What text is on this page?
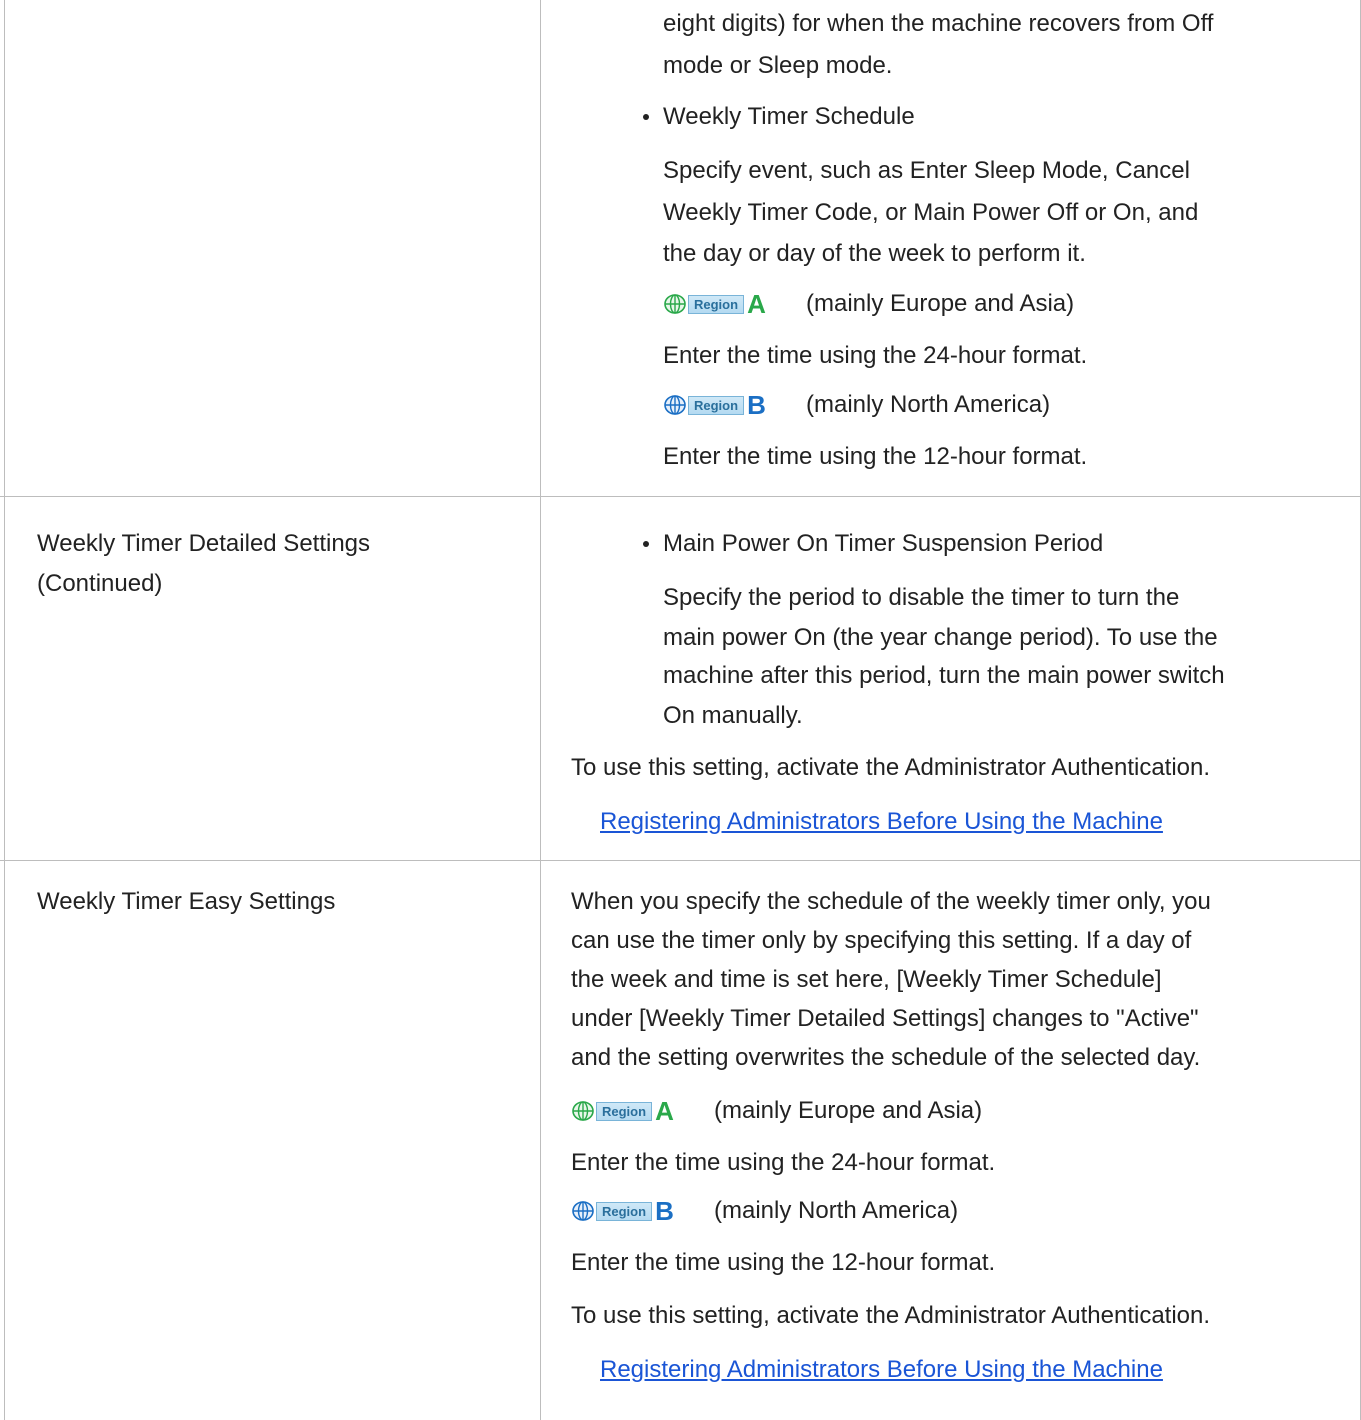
eight digits) for when the machine recovers from Off

mode or Sleep mode.

Weekly Timer Schedule

Specify event, such as Enter Sleep Mode, Cancel

Weekly Timer Code, or Main Power Off or On, and

the day or day of the week to perform it.

Region A (mainly Europe and Asia)

Enter the time using the 24-hour format.

Region B (mainly North America)

Enter the time using the 12-hour format.

Weekly Timer Detailed Settings

(Continued)

Main Power On Timer Suspension Period

Specify the period to disable the timer to turn the

main power On (the year change period). To use the

machine after this period, turn the main power switch

On manually.

To use this setting, activate the Administrator Authentication.

Registering Administrators Before Using the Machine

Weekly Timer Easy Settings	When you specify the schedule of the weekly timer only, you

can use the timer only by specifying this setting. If a day of

the week and time is set here, [Weekly Timer Schedule]

under [Weekly Timer Detailed Settings] changes to "Active"

and the setting overwrites the schedule of the selected day.

Region A (mainly Europe and Asia)

Enter the time using the 24-hour format.

Region B (mainly North America)

Enter the time using the 12-hour format.

To use this setting, activate the Administrator Authentication.

Registering Administrators Before Using the Machine
